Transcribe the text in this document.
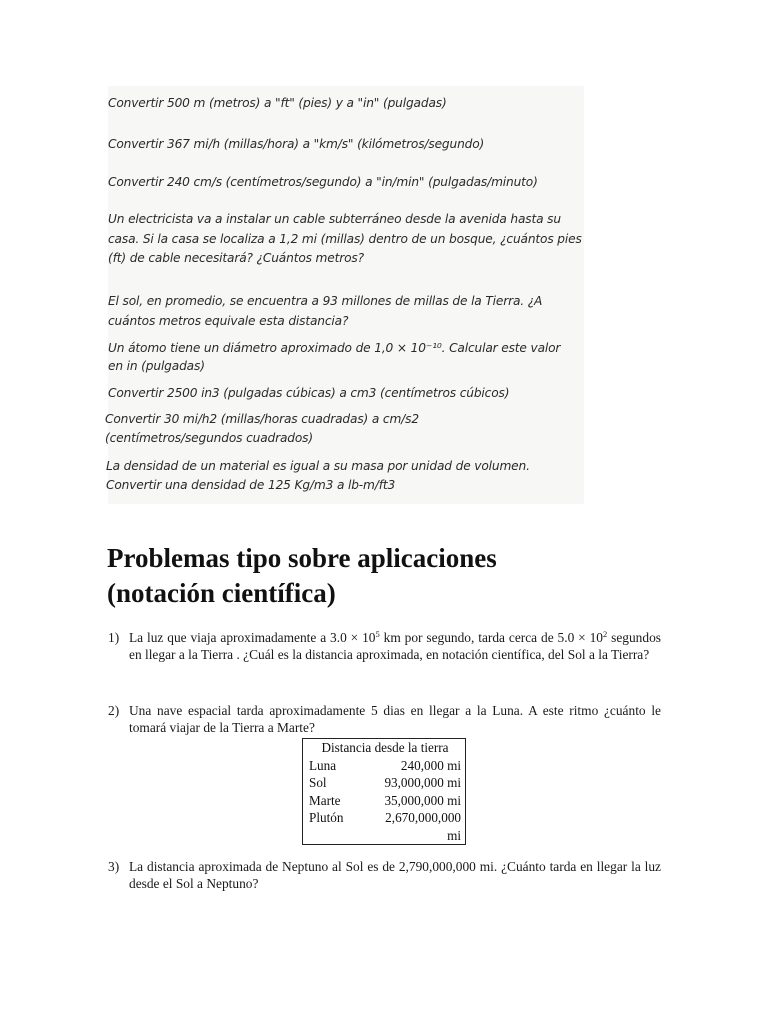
Convertir 500 m (metros) a "ft" (pies) y a "in" (pulgadas)

Convertir 367 mi/h (millas/hora) a "km/s" (kilómetros/segundo)

Convertir 240 cm/s (centímetros/segundo) a "in/min" (pulgadas/minuto)

Un electricista va a instalar un cable subterráneo desde la avenida hasta su

casa. Si la casa se localiza a 1,2 mi (millas) dentro de un bosque, ¿cuántos pies

(ft) de cable necesitará? ¿Cuántos metros?

El sol, en promedio, se encuentra a 93 millones de millas de la Tierra. ¿A

cuántos metros equivale esta distancia?

Un átomo tiene un diámetro aproximado de 1,0 × 10⁻¹⁰. Calcular este valor

en in (pulgadas)

Convertir 2500 in3 (pulgadas cúbicas) a cm3 (centímetros cúbicos)

Convertir 30 mi/h2 (millas/horas cuadradas) a cm/s2

(centímetros/segundos cuadrados)

La densidad de un material es igual a su masa por unidad de volumen.

Convertir una densidad de 125 Kg/m3 a lb-m/ft3

Problemas tipo sobre aplicaciones
(notación científica)
1) La luz que viaja aproximadamente a $3.0 \times 10^5$ km por segundo, tarda cerca de $5.0 \times 10^2$ segundos en llegar a la Tierra . ¿Cuál es la distancia aproximada, en notación científica, del Sol a la Tierra?
2) Una nave espacial tarda aproximadamente 5 dias en llegar a la Luna. A este ritmo ¿cuánto le tomará viajar de la Tierra a Marte?
Distancia desde la tierra	
Luna	240,000 mi
Sol	93,000,000 mi
Marte	35,000,000 mi
Plutón	2,670,000,000 mi
3) La distancia aproximada de Neptuno al Sol es de 2,790,000,000 mi. ¿Cuánto tarda en llegar la luz desde el Sol a Neptuno?
